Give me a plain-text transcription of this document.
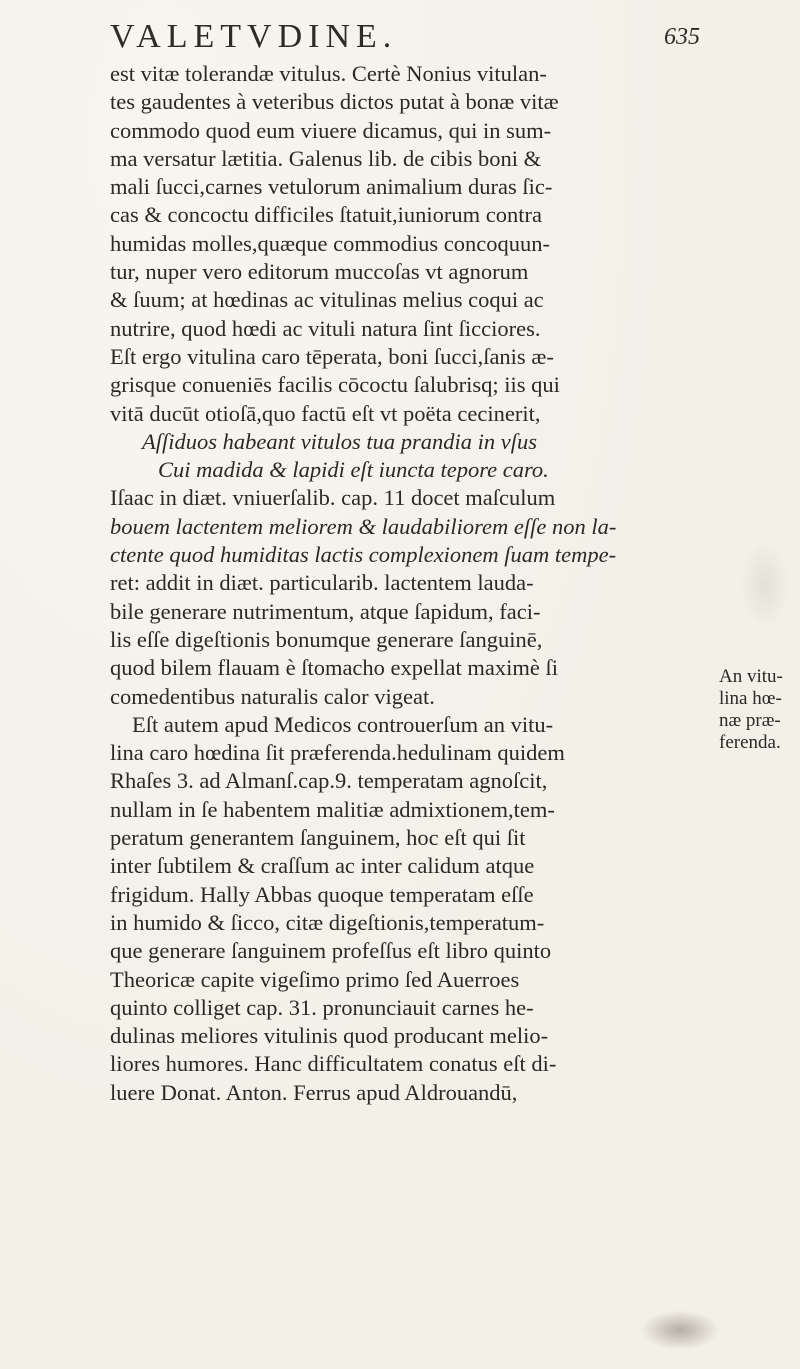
VALETVDINE.	635
est vitæ tolerandæ vitulus. Certè Nonius vitulan-
tes gaudentes à veteribus dictos putat à bonæ vitæ
commodo quod eum viuere dicamus, qui in sum-
ma versatur lætitia. Galenus lib. de cibis boni &
mali ſucci,carnes vetulorum animalium duras ſic-
cas & concoctu difficiles ſtatuit,iuniorum contra
humidas molles,quæque commodius concoquun-
tur, nuper vero editorum muccoſas vt agnorum
& ſuum; at hœdinas ac vitulinas melius coqui ac
nutrire, quod hœdi ac vituli natura ſint ſicciores.
Eſt ergo vitulina caro tēperata, boni ſucci,ſanis æ-
grisque conueniēs facilis cōcoctu ſalubrisq; iis qui
vitā ducūt otioſā,quo factū eſt vt poëta cecinerit,
Aſſiduos habeant vitulos tua prandia in vſus
Cui madida & lapidi eſt iuncta tepore caro.
Iſaac in diæt. vniuerſalib. cap. 11 docet maſculum
bouem lactentem meliorem & laudabiliorem eſſe non la-
ctente quod humiditas lactis complexionem ſuam tempe-
ret: addit in diæt. particularib. lactentem lauda-
bile generare nutrimentum, atque ſapidum, faci-
lis eſſe digeſtionis bonumque generare ſanguinē,
quod bilem flauam è ſtomacho expellat maximè ſi
comedentibus naturalis calor vigeat.
Eſt autem apud Medicos controuerſum an vitu-
lina caro hœdina ſit præferenda.hedulinam quidem
Rhaſes 3. ad Almanſ.cap.9. temperatam agnoſcit,
nullam in ſe habentem malitiæ admixtionem,tem-
peratum generantem ſanguinem, hoc eſt qui ſit
inter ſubtilem & craſſum ac inter calidum atque
frigidum. Hally Abbas quoque temperatam eſſe
in humido & ſicco, citæ digeſtionis,temperatum-
que generare ſanguinem profeſſus eſt libro quinto
Theoricæ capite vigeſimo primo ſed Auerroes
quinto colliget cap. 31. pronunciauit carnes he-
dulinas meliores vitulinis quod producant melio-
liores humores. Hanc difficultatem conatus eſt di-
luere Donat. Anton. Ferrus apud Aldrouandū,
An vitu-
lina hœ-
næ præ-
ferenda.
